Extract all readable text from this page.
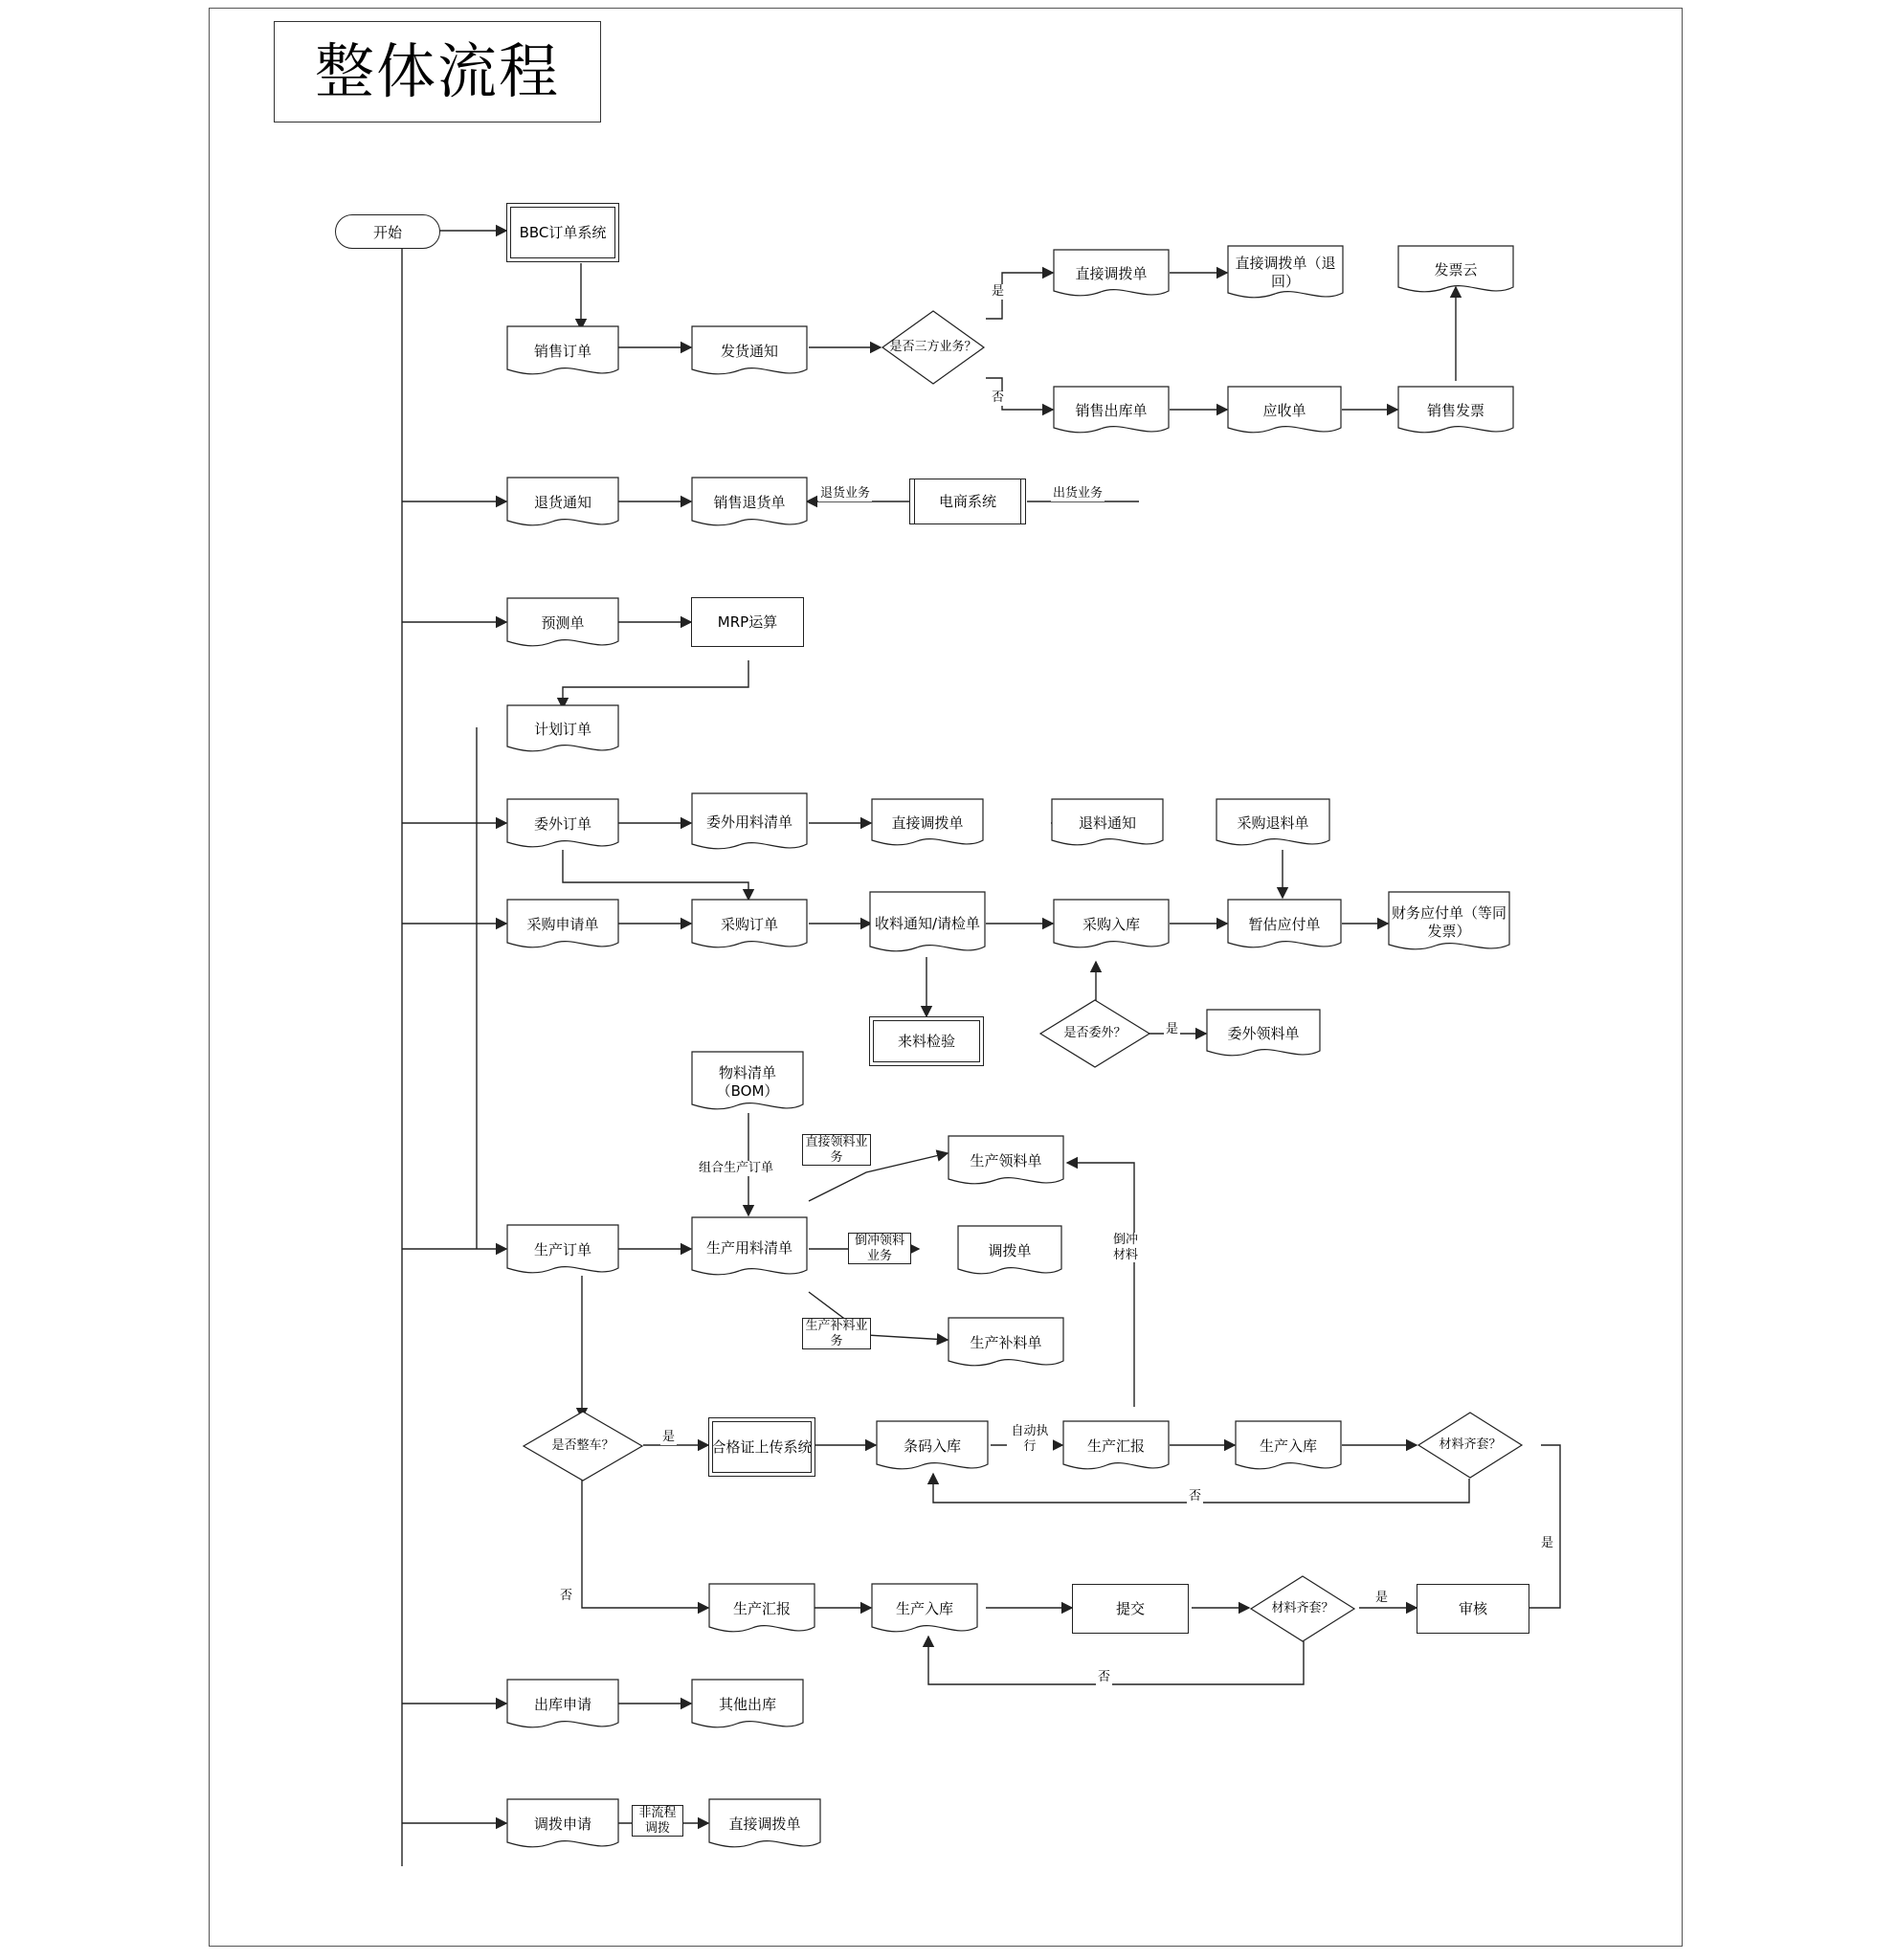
整体流程
开始	BBC订单系统
销售订单	发货通知	是否三方业务？
直接调拨单
直接调拨单（退回）
发票云
销售出库单	应收单	销售发票
退货通知	销售退货单	电商系统
预测单	MRP运算
计划订单
委外订单	委外用料清单	直接调拨单	退料通知	采购退料单
采购申请单	采购订单	收料通知/请检单	采购入库	暂估应付单
财务应付单（等同发票）
来料检验	是否委外？	委外领料单
物料清单（BOM）
生产订单	生产用料清单
生产领料单
调拨单
生产补料单
是否整车？	合格证上传系统	条码入库	生产汇报	生产入库	材料齐套？
生产汇报	生产入库	提交	材料齐套？	审核
出库申请	其他出库
调拨申请	直接调拨单
是
否
退货业务	出货业务
是
直接领料业务
组合生产订单
倒冲领料业务
倒冲材料
生产补料业务
是
否
自动执行
否
是
是
否
非流程调拨
